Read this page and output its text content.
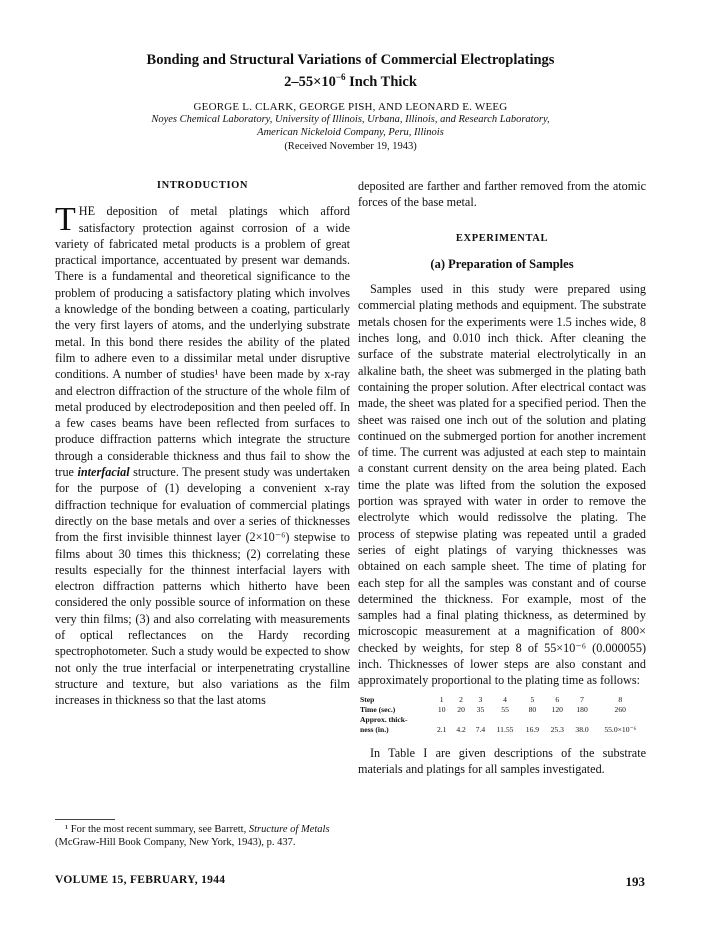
Bonding and Structural Variations of Commercial Electroplatings
$2-55\times 10^{-6}$ Inch Thick

GEORGE L. CLARK, GEORGE PISH, AND LEONARD E. WEEG
Noyes Chemical Laboratory, University of Illinois, Urbana, Illinois, and Research Laboratory,
American Nickeloid Company, Peru, Illinois
(Received November 19, 1943)
INTRODUCTION

THE deposition of metal platings which afford satisfactory protection against corrosion of a wide variety of fabricated metal products is a problem of great practical importance, accentuated by present war demands. There is a fundamental and theoretical significance to the problem of producing a satisfactory plating which involves a knowledge of the bonding between a coating, particularly the very first layers of atoms, and the underlying substrate metal. In this bond there resides the ability of the plated film to adhere even to a dissimilar metal under disruptive conditions. A number of studies¹ have been made by x-ray and electron diffraction of the structure of the whole film of metal produced by electrodeposition and then peeled off. In a few cases beams have been reflected from surfaces to produce diffraction patterns which integrate the structure through a considerable thickness and thus fail to show the true interfacial structure. The present study was undertaken for the purpose of (1) developing a convenient x-ray diffraction technique for evaluation of commercial platings directly on the base metals and over a series of thicknesses from the first invisible thinnest layer (2×10⁻⁶) stepwise to films about 30 times this thickness; (2) correlating these results especially for the thinnest interfacial layers with electron diffraction patterns which hitherto have been considered the only possible source of information on these very thin films; (3) and also correlating with measurements of optical reflectances on the Hardy recording spectrophotometer. Such a study would be expected to show not only the true interfacial or interpenetrating crystalline structure and texture, but also variations as the film increases in thickness so that the last atoms

deposited are farther and farther removed from the atomic forces of the base metal.

EXPERIMENTAL
(a) Preparation of Samples

Samples used in this study were prepared using commercial plating methods and equipment. The substrate metals chosen for the experiments were 1.5 inches wide, 8 inches long, and 0.010 inch thick. After cleaning the surface of the substrate material electrolytically in an alkaline bath, the sheet was submerged in the plating bath containing the proper solution. After electrical contact was made, the sheet was plated for a specified period. Then the sheet was raised one inch out of the solution and plating continued on the submerged portion for another increment of time. The current was adjusted at each step to maintain a constant current density on the area being plated. Each time the plate was lifted from the solution the exposed portion was sprayed with water in order to remove the electrolyte which would redissolve the plating. The process of stepwise plating was repeated until a graded series of eight platings of varying thicknesses was obtained on each sample sheet. The time of plating for each step for all the samples was constant and of course determined the thickness. For example, most of the samples had a final plating thickness, as determined by microscopic measurement at a magnification of 800× checked by weights, for step 8 of 55×10⁻⁶ (0.000055) inch. Thicknesses of lower steps are also constant and approximately proportional to the plating time as follows:

Step	1	2	3	4	5	6	7	8
Time (sec.)	10	20	35	55	80	120	180	260
Approx. thick-								
ness (in.)	2.1	4.2	7.4	11.55	16.9	25.3	38.0	55.0×10⁻⁶

In Table I are given descriptions of the substrate materials and platings for all samples investigated.

¹ For the most recent summary, see Barrett, Structure of Metals (McGraw-Hill Book Company, New York, 1943), p. 437.
VOLUME 15, FEBRUARY, 1944	193
